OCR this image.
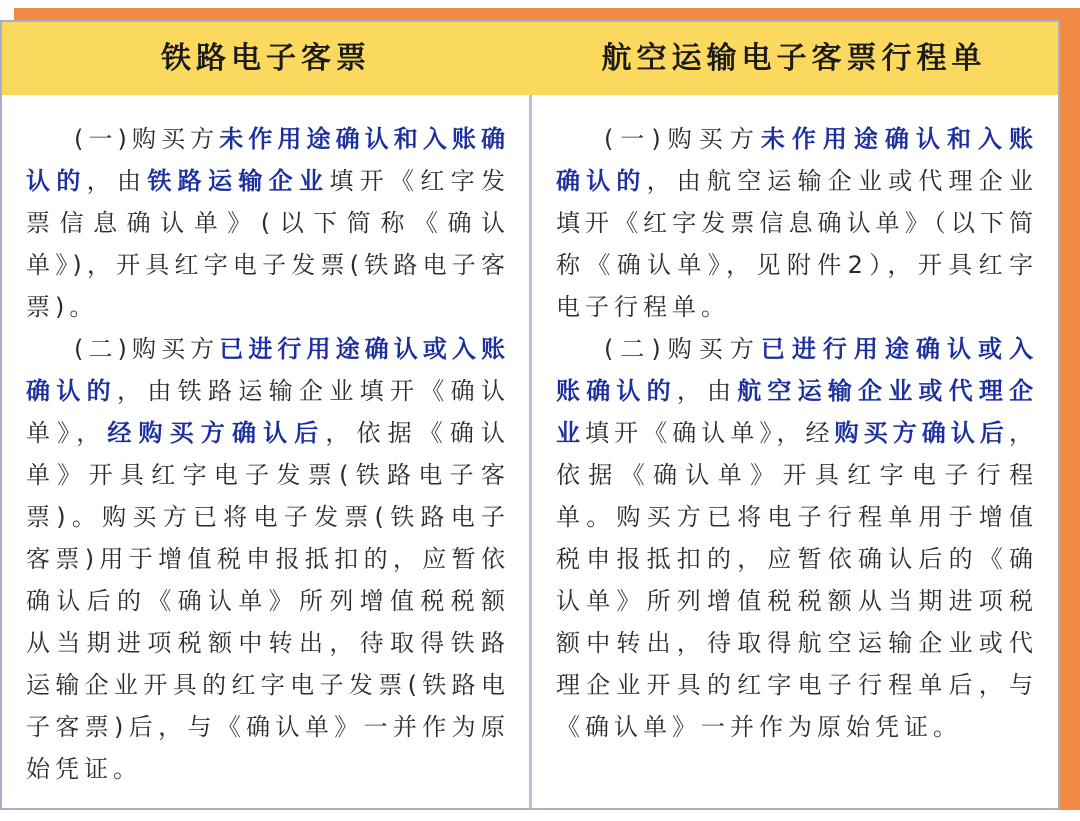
铁路电子客票	航空运输电子客票行程单

(一)购买方未作用途确认和入账确认的，由铁路运输企业填开《红字发票信息确认单》(以下简称《确认单》)，开具红字电子发票(铁路电子客票)。

(二)购买方已进行用途确认或入账确认的，由铁路运输企业填开《确认单》，经购买方确认后，依据《确认单》开具红字电子发票(铁路电子客票)。购买方已将电子发票(铁路电子客票)用于增值税申报抵扣的，应暂依确认后的《确认单》所列增值税税额从当期进项税额中转出，待取得铁路运输企业开具的红字电子发票(铁路电子客票)后，与《确认单》一并作为原始凭证。

(一)购买方未作用途确认和入账确认的，由航空运输企业或代理企业填开《红字发票信息确认单》（以下简称《确认单》，见附件2），开具红字电子行程单。

(二)购买方已进行用途确认或入账确认的，由航空运输企业或代理企业填开《确认单》，经购买方确认后，依据《确认单》开具红字电子行程单。购买方已将电子行程单用于增值税申报抵扣的，应暂依确认后的《确认单》所列增值税税额从当期进项税额中转出，待取得航空运输企业或代理企业开具的红字电子行程单后，与《确认单》一并作为原始凭证。
